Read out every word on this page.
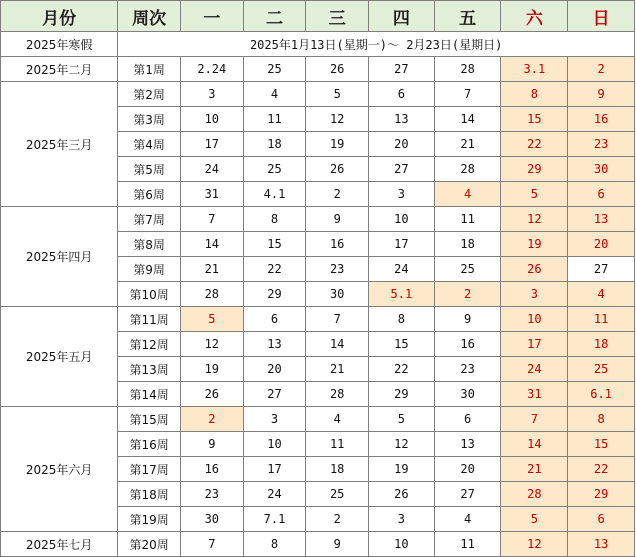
月份	周次	一	二	三	四	五	六	日
2025年寒假	2025年1月13日(星期一)～ 2月23日(星期日)							
2025年二月	第1周	2.24	25	26	27	28	3.1	2
2025年三月	第2周	3	4	5	6	7	8	9
	第3周	10	11	12	13	14	15	16
	第4周	17	18	19	20	21	22	23
	第5周	24	25	26	27	28	29	30
	第6周	31	4.1	2	3	4	5	6
2025年四月	第7周	7	8	9	10	11	12	13
	第8周	14	15	16	17	18	19	20
	第9周	21	22	23	24	25	26	27
	第10周	28	29	30	5.1	2	3	4
2025年五月	第11周	5	6	7	8	9	10	11
	第12周	12	13	14	15	16	17	18
	第13周	19	20	21	22	23	24	25
	第14周	26	27	28	29	30	31	6.1
2025年六月	第15周	2	3	4	5	6	7	8
	第16周	9	10	11	12	13	14	15
	第17周	16	17	18	19	20	21	22
	第18周	23	24	25	26	27	28	29
	第19周	30	7.1	2	3	4	5	6
2025年七月	第20周	7	8	9	10	11	12	13
